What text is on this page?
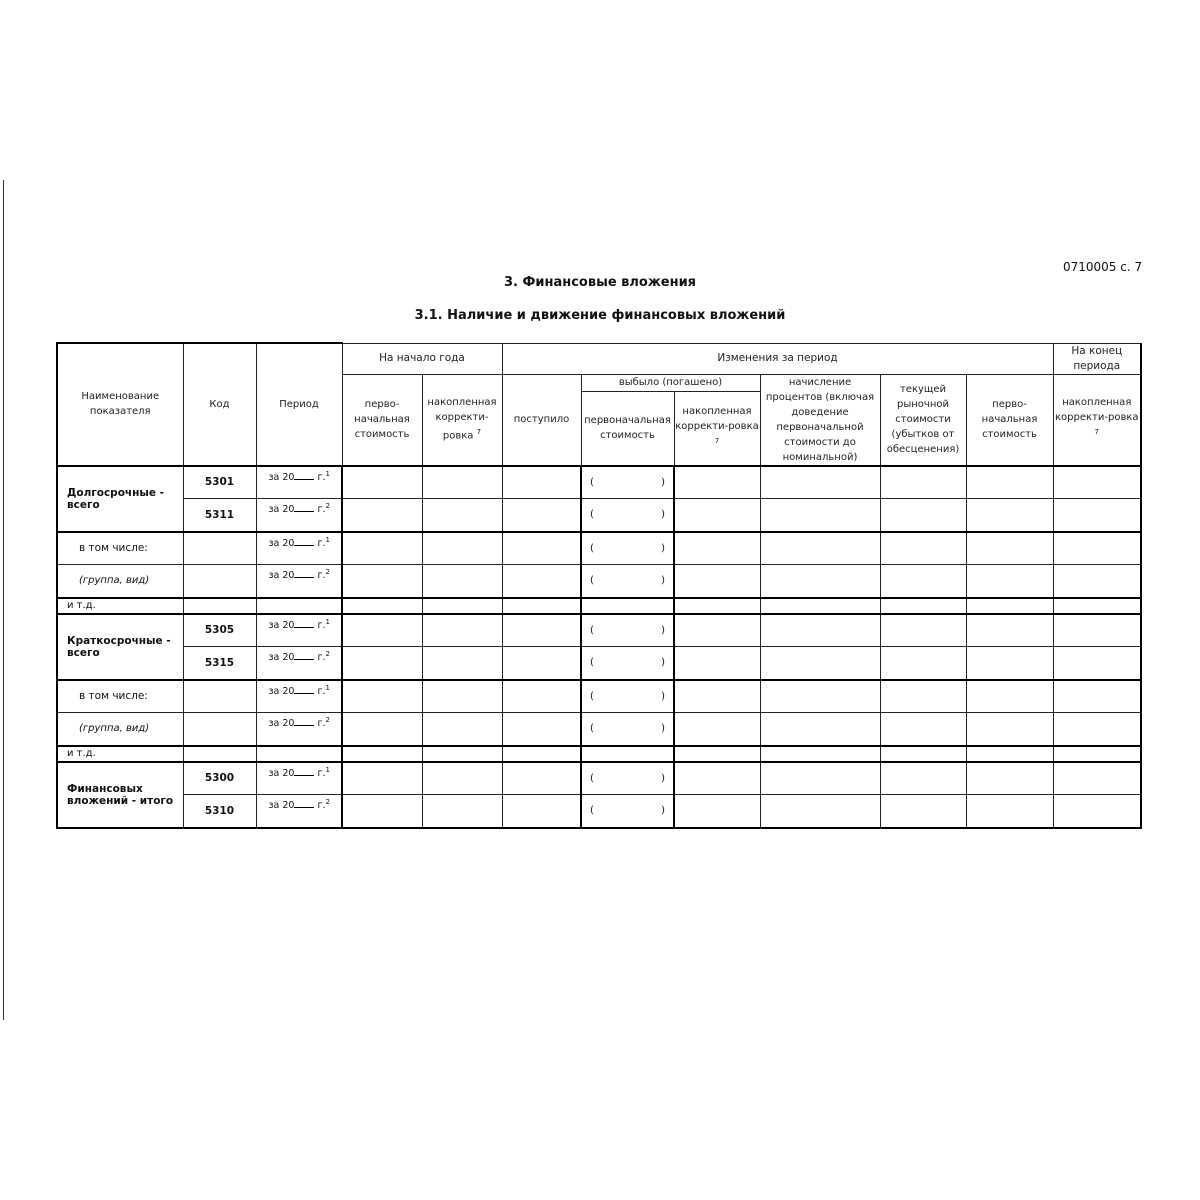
0710005 с. 7
3. Финансовые вложения
3.1. Наличие и движение финансовых вложений
Наименование показателя	Код	Период	На начало года		Изменения за период						На конец периода
			перво-начальная стоимость	накопленная корректи-ровка $^7$	поступило	выбыло (погашено)		начисление процентов (включая доведение первоначальной стоимости до номинальной)	текущей рыночной стоимости (убытков от обесценения)	перво-начальная стоимость	накопленная корректи-ровка $^7$
						первоначальная стоимость	накопленная корректи-ровка $^7$
Долгосрочные - всего	5301	за 20 г.$^1$				( )					

	5311	за 20 г.$^2$				( )					

в том числе:		за 20 г.$^1$				( )					

(группа, вид)		за 20 г.$^2$				( )					

и т.д.											
Краткосрочные - всего	5305	за 20 г.$^1$				( )					

	5315	за 20 г.$^2$				( )					

в том числе:		за 20 г.$^1$				( )					

(группа, вид)		за 20 г.$^2$				( )					

и т.д.											
Финансовых вложений - итого	5300	за 20 г.$^1$				( )					

	5310	за 20 г.$^2$				( )					
